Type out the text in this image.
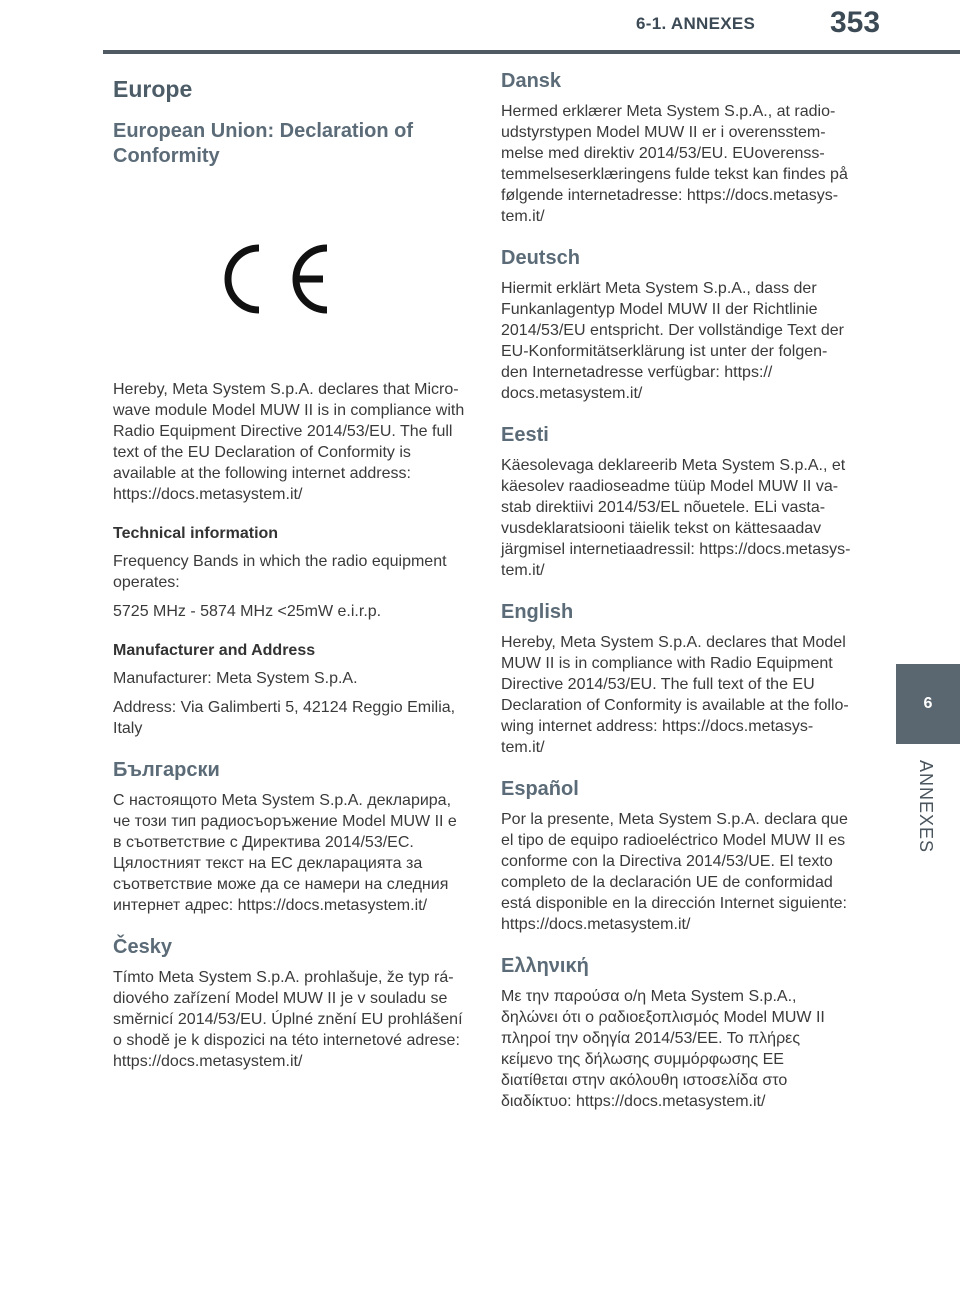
6-1. ANNEXES 353
6
ANNEXES
Europe
European Union: Declaration of Conformity

Hereby, Meta System S.p.A. declares that Micro-wave module Model MUW II is in compliance with Radio Equipment Directive 2014/53/EU. The full text of the EU Declaration of Conformity is available at the following internet address: https://docs.metasystem.it/

Technical information

Frequency Bands in which the radio equipment operates:

5725 MHz - 5874 MHz <25mW e.i.r.p.

Manufacturer and Address

Manufacturer: Meta System S.p.A.

Address: Via Galimberti 5, 42124 Reggio Emilia, Italy

Български

С настоящото Meta System S.p.A. декларира, че този тип радиосъоръжение Model MUW II е в съответствие с Директива 2014/53/ЕС. Цялостният текст на ЕС декларацията за съответствие може да се намери на следния интернет адрес: https://docs.metasystem.it/

Česky

Tímto Meta System S.p.A. prohlašuje, že typ rá-diového zařízení Model MUW II je v souladu se směrnicí 2014/53/EU. Úplné znění EU prohlášení o shodě je k dispozici na této internetové adrese: https://docs.metasystem.it/

Dansk

Hermed erklærer Meta System S.p.A., at radio-udstyrstypen Model MUW II er i overensstem-melse med direktiv 2014/53/EU. EUoverenss-temmelseserklæringens fulde tekst kan findes på følgende internetadresse: https://docs.metasys-tem.it/

Deutsch

Hiermit erklärt Meta System S.p.A., dass der Funkanlagentyp Model MUW II der Richtlinie 2014/53/EU entspricht. Der vollständige Text der EU-Konformitätserklärung ist unter der folgen-den Internetadresse verfügbar: https:// docs.metasystem.it/

Eesti

Käesolevaga deklareerib Meta System S.p.A., et käesolev raadioseadme tüüp Model MUW II va-stab direktiivi 2014/53/EL nõuetele. ELi vasta-vusdeklaratsiooni täielik tekst on kättesaadav järgmisel internetiaadressil: https://docs.metasys-tem.it/

English

Hereby, Meta System S.p.A. declares that Model MUW II is in compliance with Radio Equipment Directive 2014/53/EU. The full text of the EU Declaration of Conformity is available at the follo-wing internet address: https://docs.metasys-tem.it/

Español

Por la presente, Meta System S.p.A. declara que el tipo de equipo radioeléctrico Model MUW II es conforme con la Directiva 2014/53/UE. El texto completo de la declaración UE de conformidad está disponible en la dirección Internet siguiente: https://docs.metasystem.it/

Ελληνική

Με την παρούσα ο/η Meta System S.p.A., δηλώνει ότι ο ραδιοεξοπλισμός Model MUW II πληροί την οδηγία 2014/53/ΕΕ. Το πλήρες κείμενο της δήλωσης συμμόρφωσης ΕΕ διατίθεται στην ακόλουθη ιστοσελίδα στο διαδίκτυο: https://docs.metasystem.it/
